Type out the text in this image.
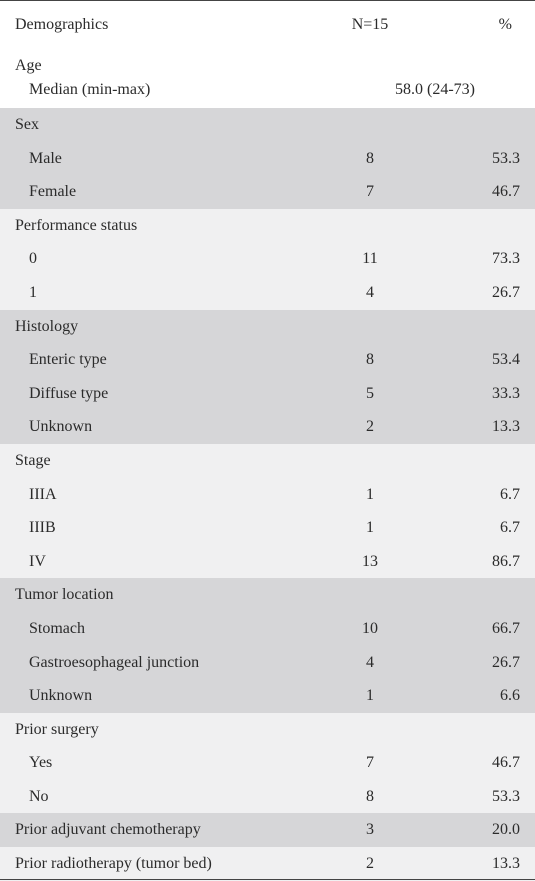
Demographics	N=15	%
Age
Median (min-max)	58.0 (24-73)
Sex
Male	8	53.3
Female	7	46.7
Performance status
0	11	73.3
1	4	26.7
Histology
Enteric type	8	53.4
Diffuse type	5	33.3
Unknown	2	13.3
Stage
IIIA	1	6.7
IIIB	1	6.7
IV	13	86.7
Tumor location
Stomach	10	66.7
Gastroesophageal junction	4	26.7
Unknown	1	6.6
Prior surgery
Yes	7	46.7
No	8	53.3
Prior adjuvant chemotherapy	3	20.0
Prior radiotherapy (tumor bed)	2	13.3
